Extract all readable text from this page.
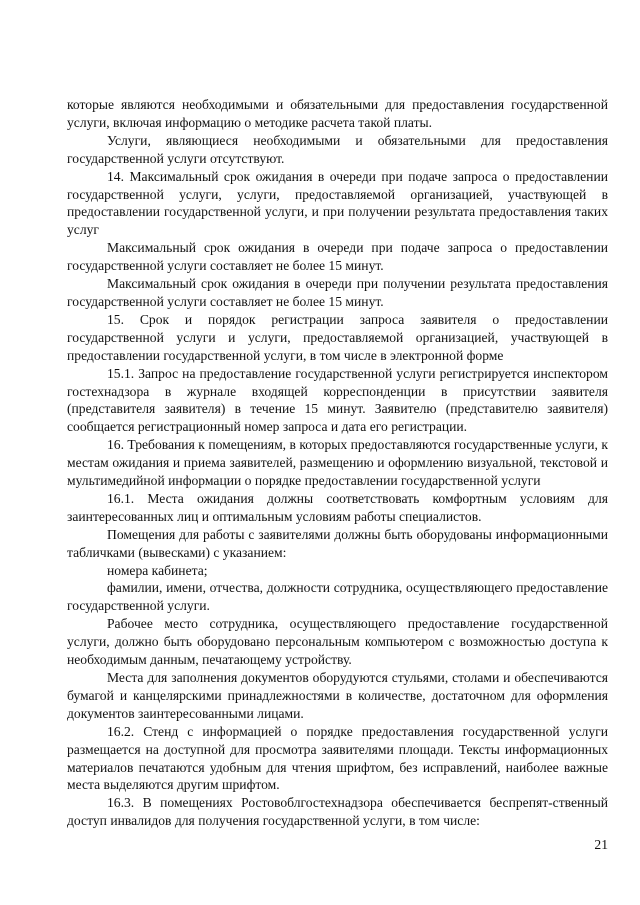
которые являются необходимыми и обязательными для предоставления государственной услуги, включая информацию о методике расчета такой платы.

Услуги, являющиеся необходимыми и обязательными для предоставления государственной услуги отсутствуют.

14. Максимальный срок ожидания в очереди при подаче запроса о предоставлении государственной услуги, услуги, предоставляемой организацией, участвующей в предоставлении государственной услуги, и при получении результата предоставления таких услуг

Максимальный срок ожидания в очереди при подаче запроса о предоставлении государственной услуги составляет не более 15 минут.

Максимальный срок ожидания в очереди при получении результата предоставления государственной услуги составляет не более 15 минут.

15. Срок и порядок регистрации запроса заявителя о предоставлении государственной услуги и услуги, предоставляемой организацией, участвующей в предоставлении государственной услуги, в том числе в электронной форме

15.1. Запрос на предоставление государственной услуги регистрируется инспектором гостехнадзора в журнале входящей корреспонденции в присутствии заявителя (представителя заявителя) в течение 15 минут. Заявителю (представителю заявителя) сообщается регистрационный номер запроса и дата его регистрации.

16. Требования к помещениям, в которых предоставляются государственные услуги, к местам ожидания и приема заявителей, размещению и оформлению визуальной, текстовой и мультимедийной информации о порядке предоставлении государственной услуги

16.1. Места ожидания должны соответствовать комфортным условиям для заинтересованных лиц и оптимальным условиям работы специалистов.

Помещения для работы с заявителями должны быть оборудованы информационными табличками (вывесками) с указанием:

номера кабинета;

фамилии, имени, отчества, должности сотрудника, осуществляющего предоставление государственной услуги.

Рабочее место сотрудника, осуществляющего предоставление государственной услуги, должно быть оборудовано персональным компьютером с возможностью доступа к необходимым данным, печатающему устройству.

Места для заполнения документов оборудуются стульями, столами и обеспечиваются бумагой и канцелярскими принадлежностями в количестве, достаточном для оформления документов заинтересованными лицами.

16.2. Стенд с информацией о порядке предоставления государственной услуги размещается на доступной для просмотра заявителями площади. Тексты информационных материалов печатаются удобным для чтения шрифтом, без исправлений, наиболее важные места выделяются другим шрифтом.

16.3. В помещениях Ростовоблгостехнадзора обеспечивается беспрепят-ственный доступ инвалидов для получения государственной услуги, в том числе:

21
